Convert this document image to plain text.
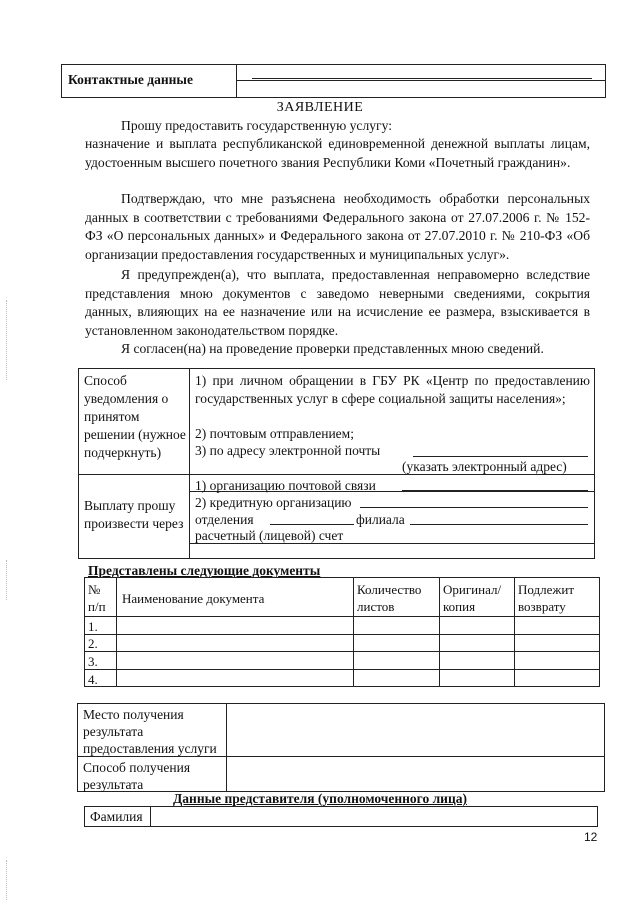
Контактные данные
ЗАЯВЛЕНИЕ
Прошу предоставить государственную услугу:
назначение и выплата республиканской единовременной денежной выплаты лицам, удостоенным высшего почетного звания Республики Коми «Почетный гражданин».
Подтверждаю, что мне разъяснена необходимость обработки персональных данных в соответствии с требованиями Федерального закона от 27.07.2006 г. № 152-ФЗ «О персональных данных» и Федерального закона от 27.07.2010 г. № 210-ФЗ «Об организации предоставления государственных и муниципальных услуг».
Я предупрежден(а), что выплата, предоставленная неправомерно вследствие представления мною документов с заведомо неверными сведениями, сокрытия данных, влияющих на ее назначение или на исчисление ее размера, взыскивается в установленном законодательством порядке.
Я согласен(на) на проведение проверки представленных мною сведений.
Способ уведомления о принятом решении (нужное подчеркнуть)
1) при личном обращении в ГБУ РК «Центр по предоставлению государственных услуг в сфере социальной защиты населения»;
2) почтовым отправлением;
3) по адресу электронной почты
(указать электронный адрес)
Выплату прошу произвести через
1) организацию почтовой связи
2) кредитную организацию
отделения	филиала
расчетный (лицевой) счет
Представлены следующие документы
№ п/п
Наименование документа
Количество листов
Оригинал/копия
Подлежит возврату
1.
2.
3.
4.
Место получения результата предоставления услуги
Способ получения результата
Данные представителя (уполномоченного лица)
Фамилия
12
